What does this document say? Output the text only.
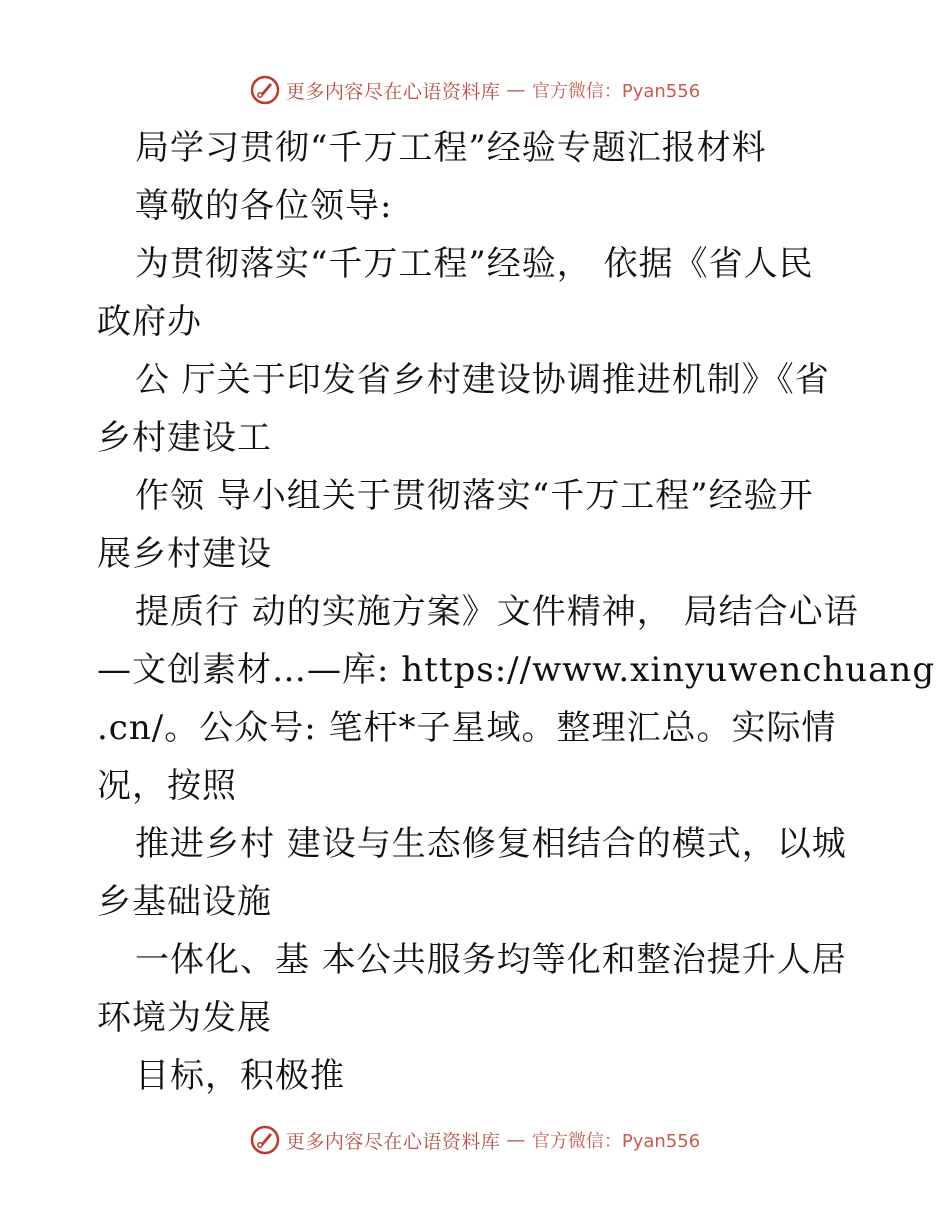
更多内容尽在心语资料库 — 官方微信：Pyan556
局学习贯彻“千万工程”经验专题汇报材料
尊敬的各位领导:
为贯彻落实“千万工程”经验， 依据《省人民
政府办
公 厅关于印发省乡村建设协调推进机制》《省
乡村建设工
作领 导小组关于贯彻落实“千万工程”经验开
展乡村建设
提质行 动的实施方案》文件精神， 局结合心语
—文创素材…—库: https://www.xinyuwenchuang
.cn/。公众号: 笔杆*子星域。整理汇总。实际情
况，按照
推进乡村 建设与生态修复相结合的模式，以城
乡基础设施
一体化、基 本公共服务均等化和整治提升人居
环境为发展
目标，积极推
更多内容尽在心语资料库 — 官方微信：Pyan556
